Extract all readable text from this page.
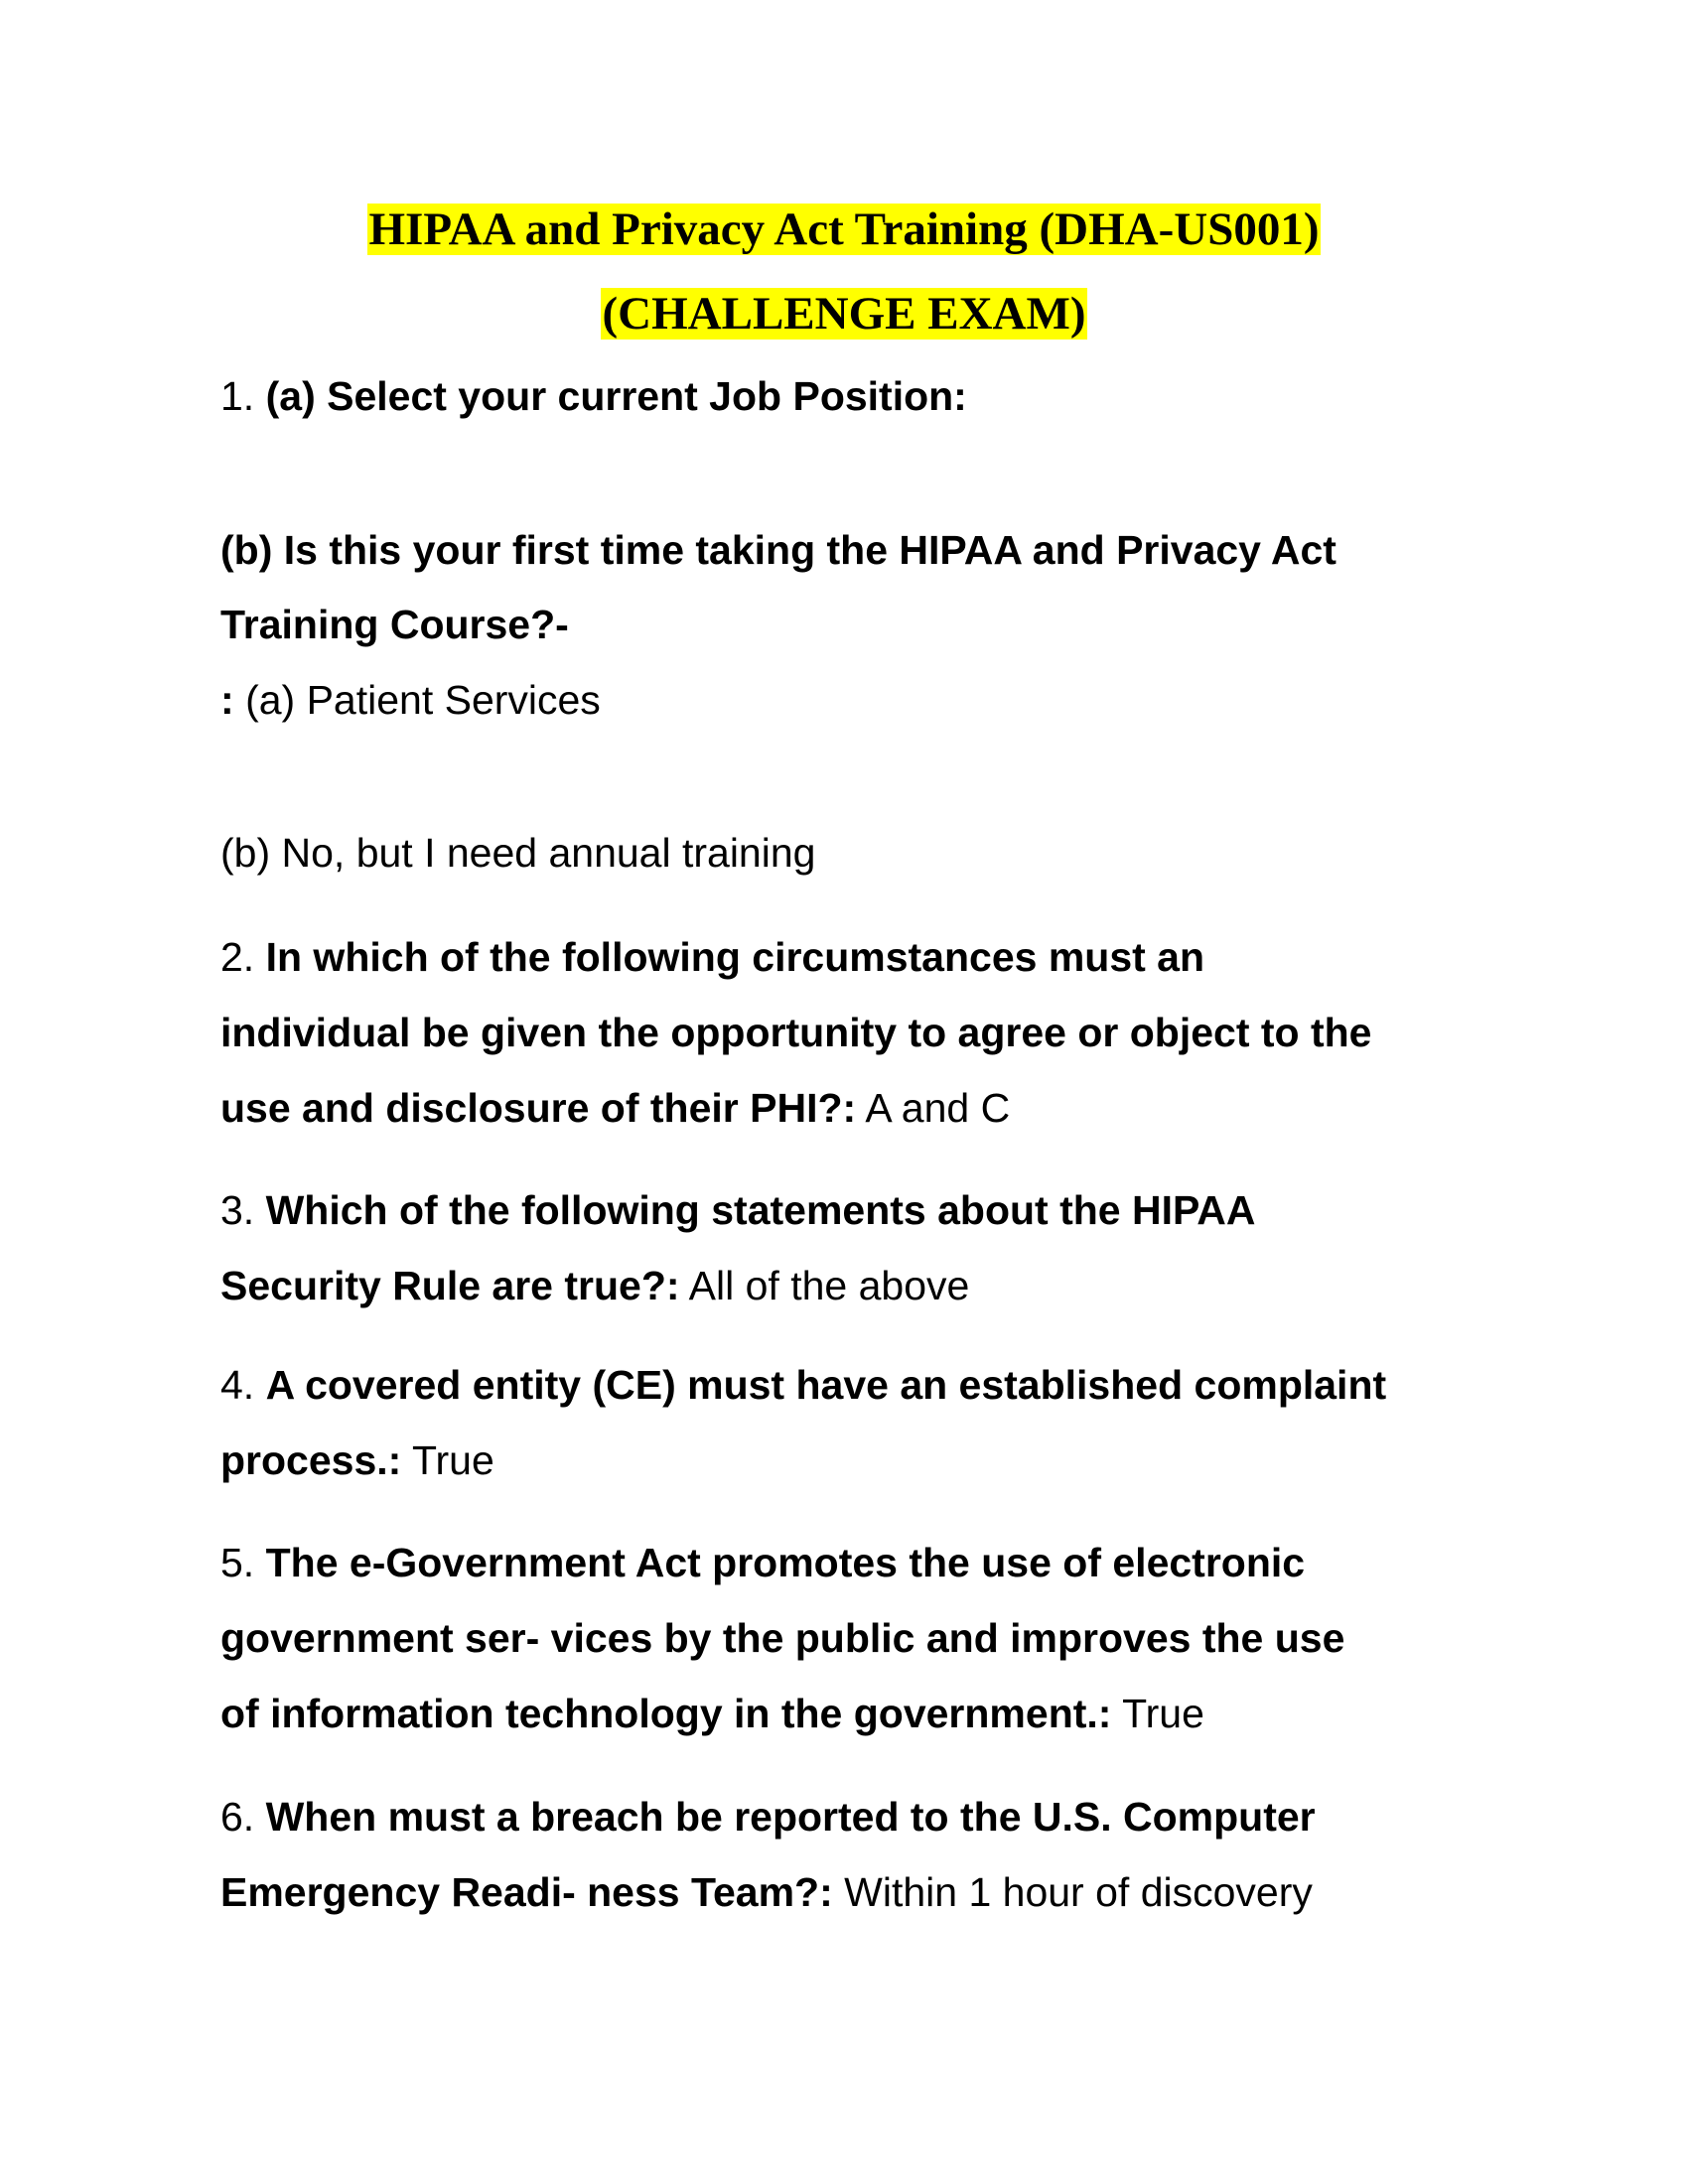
HIPAA and Privacy Act Training (DHA-US001)
(CHALLENGE EXAM)
1. (a) Select your current Job Position:
(b) Is this your first time taking the HIPAA and Privacy Act
Training Course?-
: (a) Patient Services
(b) No, but I need annual training
2. In which of the following circumstances must an
individual be given the opportunity to agree or object to the
use and disclosure of their PHI?: A and C
3. Which of the following statements about the HIPAA
Security Rule are true?: All of the above
4. A covered entity (CE) must have an established complaint
process.: True
5. The e-Government Act promotes the use of electronic
government ser- vices by the public and improves the use
of information technology in the government.: True
6. When must a breach be reported to the U.S. Computer
Emergency Readi- ness Team?: Within 1 hour of discovery
